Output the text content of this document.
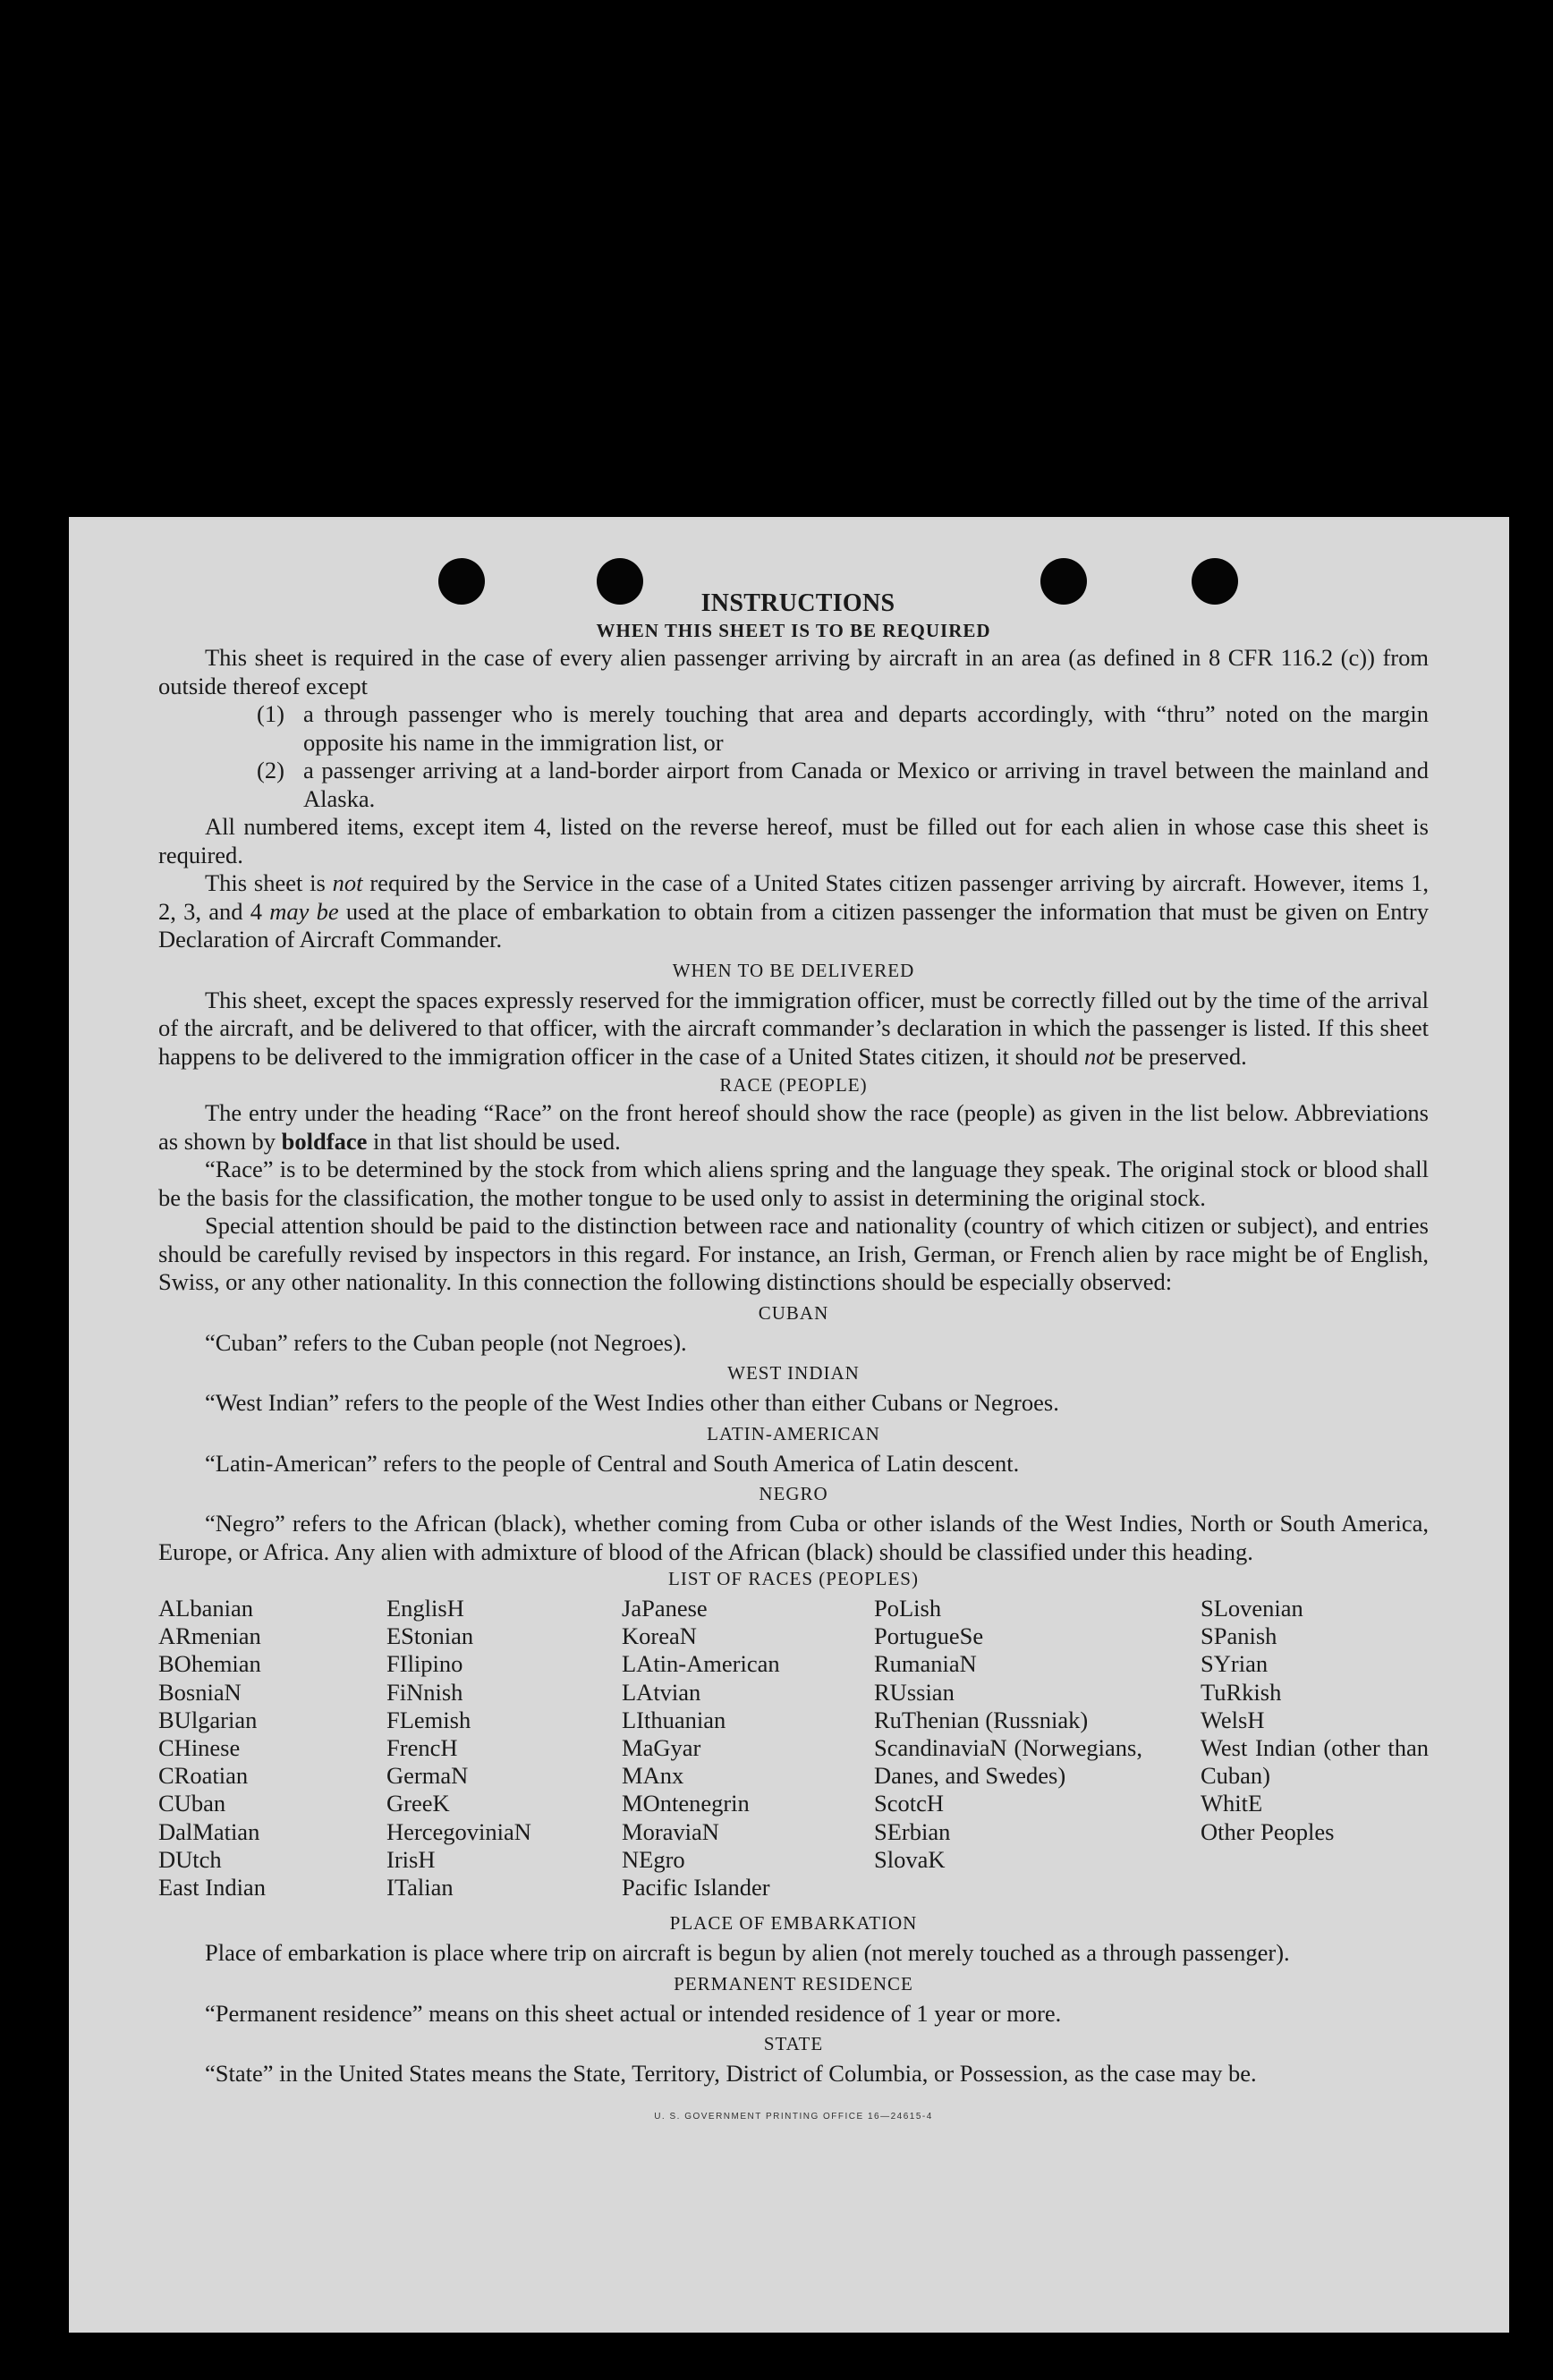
INSTRUCTIONS
WHEN THIS SHEET IS TO BE REQUIRED

This sheet is required in the case of every alien passenger arriving by aircraft in an area (as defined in 8 CFR 116.2 (c)) from outside thereof except

(1) a through passenger who is merely touching that area and departs accordingly, with “thru” noted on the margin opposite his name in the immigration list, or
(2) a passenger arriving at a land-border airport from Canada or Mexico or arriving in travel between the mainland and Alaska.

All numbered items, except item 4, listed on the reverse hereof, must be filled out for each alien in whose case this sheet is required.

This sheet is not required by the Service in the case of a United States citizen passenger arriving by aircraft. However, items 1, 2, 3, and 4 may be used at the place of embarkation to obtain from a citizen passenger the information that must be given on Entry Declaration of Aircraft Commander.

WHEN TO BE DELIVERED

This sheet, except the spaces expressly reserved for the immigration officer, must be correctly filled out by the time of the arrival of the aircraft, and be delivered to that officer, with the aircraft commander’s declaration in which the passenger is listed. If this sheet happens to be delivered to the immigration officer in the case of a United States citizen, it should not be preserved.

RACE (PEOPLE)

The entry under the heading “Race” on the front hereof should show the race (people) as given in the list below. Abbreviations as shown by boldface in that list should be used.

“Race” is to be determined by the stock from which aliens spring and the language they speak. The original stock or blood shall be the basis for the classification, the mother tongue to be used only to assist in determining the original stock.

Special attention should be paid to the distinction between race and nationality (country of which citizen or subject), and entries should be carefully revised by inspectors in this regard. For instance, an Irish, German, or French alien by race might be of English, Swiss, or any other nationality. In this connection the following distinctions should be especially observed:

CUBAN

“Cuban” refers to the Cuban people (not Negroes).

WEST INDIAN

“West Indian” refers to the people of the West Indies other than either Cubans or Negroes.

LATIN-AMERICAN

“Latin-American” refers to the people of Central and South America of Latin descent.

NEGRO

“Negro” refers to the African (black), whether coming from Cuba or other islands of the West Indies, North or South America, Europe, or Africa. Any alien with admixture of blood of the African (black) should be classified under this heading.

LIST OF RACES (PEOPLES)
ALbanian
ARmenian
BOhemian
BosniaN
BUlgarian
CHinese
CRoatian
CUban
DalMatian
DUtch
East Indian
EnglisH
EStonian
FIlipino
FiNnish
FLemish
FrencH
GermaN
GreeK
HercegoviniaN
IrisH
ITalian
JaPanese
KoreaN
LAtin-American
LAtvian
LIthuanian
MaGyar
MAnx
MOntenegrin
MoraviaN
NEgro
Pacific Islander
PoLish
PortugueSe
RumaniaN
RUssian
RuThenian (Russniak)
ScandinaviaN (Norwegians, Danes, and Swedes)
ScotcH
SErbian
SlovaK
SLovenian
SPanish
SYrian
TuRkish
WelsH
West Indian (other than Cuban)
WhitE
Other Peoples
PLACE OF EMBARKATION

Place of embarkation is place where trip on aircraft is begun by alien (not merely touched as a through passenger).

PERMANENT RESIDENCE

“Permanent residence” means on this sheet actual or intended residence of 1 year or more.

STATE

“State” in the United States means the State, Territory, District of Columbia, or Possession, as the case may be.

U. S. GOVERNMENT PRINTING OFFICE 16—24615-4
